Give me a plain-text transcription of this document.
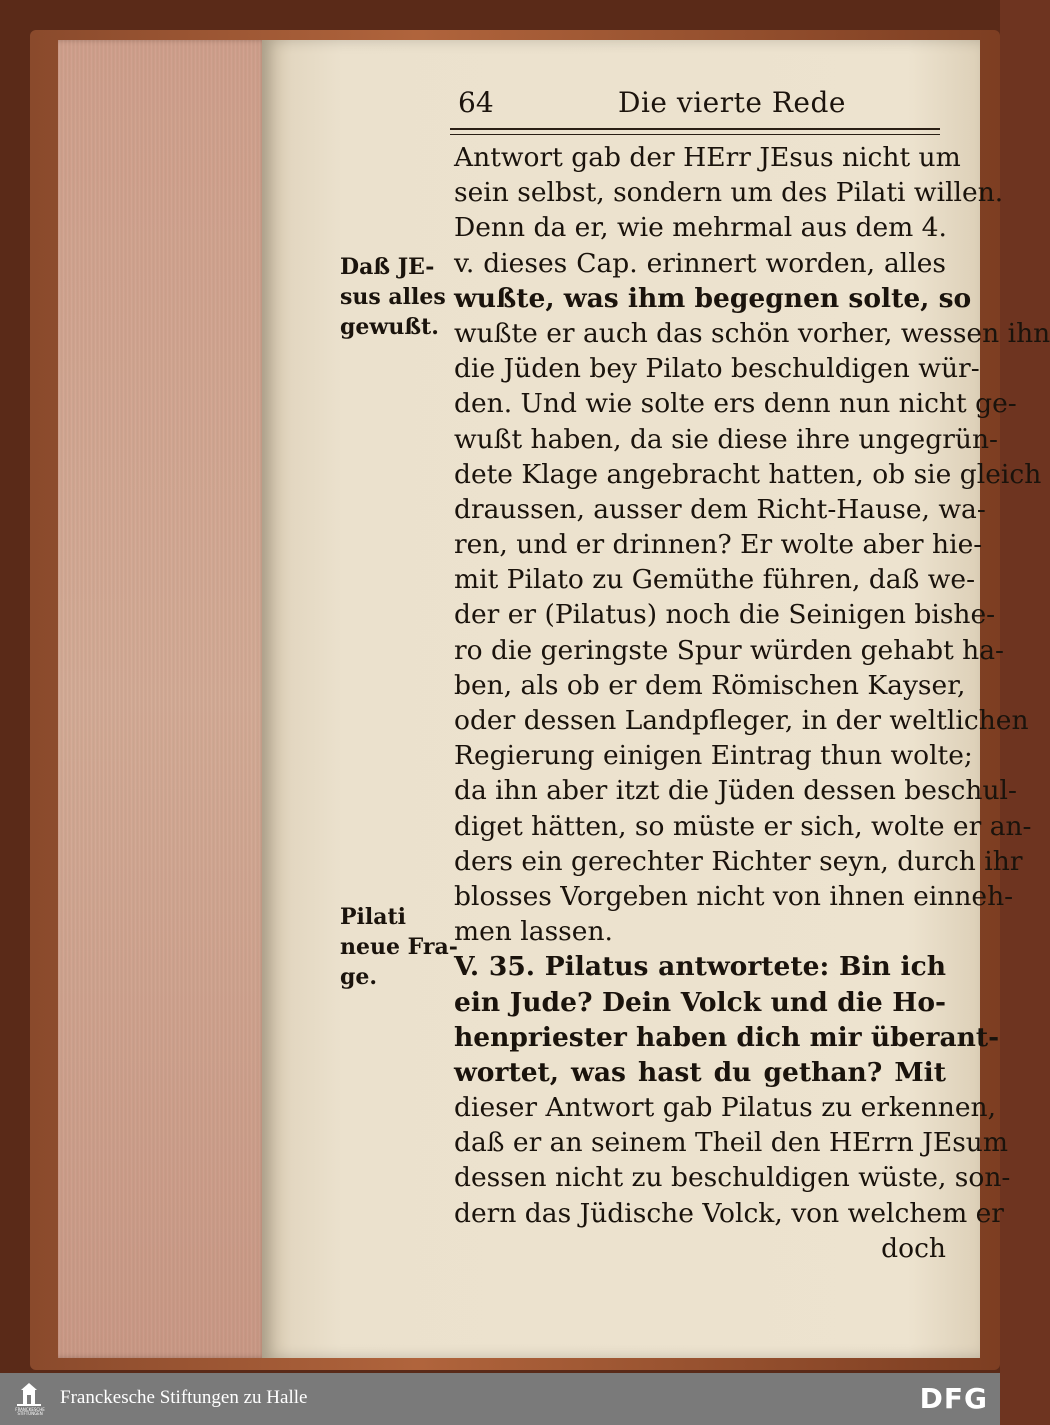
64	Die vierte Rede
Daß JE-
sus alles
gewußt.
Pilati
neue Fra-
ge.
Antwort gab der HErr JEsus nicht um
sein selbst, sondern um des Pilati willen.
Denn da er, wie mehrmal aus dem 4.
v. dieses Cap. erinnert worden, alles
wußte, was ihm begegnen solte, so
wußte er auch das schön vorher, wessen ihn
die Jüden bey Pilato beschuldigen wür-
den. Und wie solte ers denn nun nicht ge-
wußt haben, da sie diese ihre ungegrün-
dete Klage angebracht hatten, ob sie gleich
draussen, ausser dem Richt-Hause, wa-
ren, und er drinnen? Er wolte aber hie-
mit Pilato zu Gemüthe führen, daß we-
der er (Pilatus) noch die Seinigen bishe-
ro die geringste Spur würden gehabt ha-
ben, als ob er dem Römischen Kayser,
oder dessen Landpfleger, in der weltlichen
Regierung einigen Eintrag thun wolte;
da ihn aber itzt die Jüden dessen beschul-
diget hätten, so müste er sich, wolte er an-
ders ein gerechter Richter seyn, durch ihr
blosses Vorgeben nicht von ihnen einneh-
men lassen.
V. 35. Pilatus antwortete: Bin ich
ein Jude? Dein Volck und die Ho-
henpriester haben dich mir überant-
wortet, was hast du gethan? Mit
dieser Antwort gab Pilatus zu erkennen,
daß er an seinem Theil den HErrn JEsum
dessen nicht zu beschuldigen wüste, son-
dern das Jüdische Volck, von welchem er
doch
FRANCKESCHE STIFTUNGEN
Franckesche Stiftungen zu Halle	DFG
